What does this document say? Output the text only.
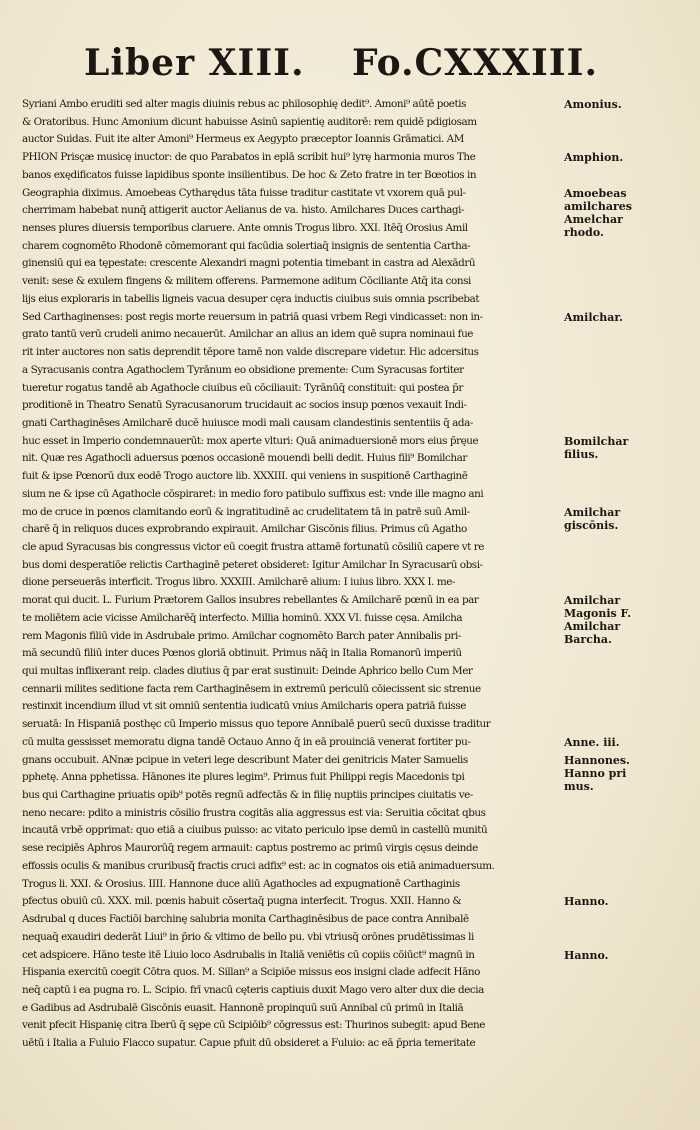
Liber XIII. Fo.CXXXIII.
Syriani Ambo eruditi sed alter magis diuinis rebus ac philosophię dedit⁹. Amoni⁹ aūtē poetis
& Oratoribus. Hunc Amonium dicunt habuisse Asinū sapientię auditorē: rem quidē pdigiosam
auctor Suidas. Fuit ite alter Amoni⁹ Hermeus ex Aegypto præceptor Ioannis Grāmatici. AM
PHION Prisçæ musicę inuctor: de quo Parabatos in eplā scribit hui⁹ lyrę harmonia muros The
banos exędificatos fuisse lapidibus sponte insilientibus. De hoc & Zeto fratre in ter Bœotios in
Geographia diximus. Amoebeas Cytharędus tāta fuisse traditur castitate vt vxorem quā pul-
cherrimam habebat nunq̄ attigerit auctor Aelianus de va. histo. Amilchares Duces carthagi-
nenses plures diuersis temporibus claruere. Ante omnis Trogus libro. XXI. Itēq̄ Orosius Amil
charem cognomēto Rhodonē cōmemorant qui facūdia solertiaq̄ insignis de sententia Cartha-
ginensiū qui ea tępestate: crescente Alexandri magni potentia timebant in castra ad Alexādrū
venit: sese & exulem fingens & militem offerens. Parmemone aditum Cōciliante Atq̄ ita consi
lijs eius exploraris in tabellis ligneis vacua desuper cęra inductis ciuibus suis omnia pscribebat
Sed Carthaginenses: post regis morte reuersum in patriā quasi vrbem Regi vindicasset: non in-
grato tantū verū crudeli animo necauerūt. Amilchar an alius an idem quē supra nominaui fue
rit inter auctores non satis deprendit tēpore tamē non valde discrepare videtur. Hic adcersitus
a Syracusanis contra Agathoclem Tyrānum eo obsidione premente: Cum Syracusas fortiter
tueretur rogatus tandē ab Agathocle ciuibus eū cōciliauit: Tyrānūq̄ constituit: qui postea p̄r
proditionē in Theatro Senatū Syracusanorum trucidauit ac socios insup pœnos vexauit Indi-
gnati Carthaginēses Amilcharē ducē huiusce modi mali causam clandestinis sententiis q̄ ada-
huc esset in Imperio condemnauerūt: mox aperte vlturi: Quā animaduersionē mors eius p̄ręue
nit. Quæ res Agathocli aduersus pœnos occasionē mouendi belli dedit. Huius fili⁹ Bomilchar
fuit & ipse Pœnorū dux eodē Trogo auctore lib. XXXIII. qui veniens in suspitionē Carthaginē
sium ne & ipse cū Agathocle cōspiraret: in medio foro patibulo suffixus est: vnde ille magno ani
mo de cruce in pœnos clamitando eorū & ingratitudinē ac crudelitatem tā in patrē suū Amil-
charē q̄ in reliquos duces exprobrando expirauit. Amilchar Giscōnis filius. Primus cū Agatho
cle apud Syracusas bis congressus victor eū coegit frustra attamē fortunatū cōsiliū capere vt re
bus domi desperatiōe relictis Carthaginē peteret obsideret: Igitur Amilchar In Syracusarū obsi-
dione perseuerās interficit. Trogus libro. XXXIII. Amilcharē alium: I iuius libro. XXX I. me-
morat qui ducit. L. Furium Prætorem Gallos insubres rebellantes & Amilcharē pœnū in ea par
te moliētem acie vicisse Amilcharēq̄ interfecto. Millia hominū. XXX VI. fuisse cęsa. Amilcha
rem Magonis filiū vide in Asdrubale primo. Amilchar cognomēto Barch pater Annibalis pri-
mā secundū filiū inter duces Pœnos gloriā obtinuit. Primus nāq̄ in Italia Romanorū imperiū
qui multas inflixerant reip. clades diutius q̄ par erat sustinuit: Deinde Aphrico bello Cum Mer
cennarii milites seditione facta rem Carthaginēsem in extremū periculū cōiecissent sic strenue
restinxit incendium illud vt sit omniū sententia iudicatū vnius Amilcharis opera patriā fuisse
seruatā: In Hispaniā posthęc cū Imperio missus quo tepore Annibalē puerū secū duxisse traditur
cū multa gessisset memoratu digna tandē Octauo Anno q̄ in eā prouinciā venerat fortiter pu-
gnans occubuit. ANnæ pcipue in veteri lege describunt Mater dei genitricis Mater Samuelis
pphetę. Anna pphetissa. Hānones ite plures legim⁹. Primus fuit Philippi regis Macedonis tpi
bus qui Carthagine priuatis opib⁹ potēs regnū adfectās & in filię nuptiis principes ciuitatis ve-
neno necare: pdito a ministris cōsilio frustra cogitās alia aggressus est via: Seruitia cōcitat qbus
incautā vrbē opprimat: quo etiā a ciuibus puisso: ac vitato periculo ipse demū in castellū munitū
sese recipiēs Aphros Maurorūq̄ regem armauit: captus postremo ac primū virgis cęsus deinde
effossis oculis & manibus cruribusq̄ fractis cruci adfix⁹ est: ac in cognatos ois etiā animaduersum.
Trogus li. XXI. & Orosius. IIII. Hannone duce aliū Agathocles ad expugnationē Carthaginis
pfectus obuiū cū. XXX. mil. pœnis habuit cōsertaq̄ pugna interfecit. Trogus. XXII. Hanno &
Asdrubal q duces Factiōi barchinę salubria monita Carthaginēsibus de pace contra Annibalē
nequaq̄ exaudiri dederāt Liui⁹ in p̄rio & vltimo de bello pu. vbi vtriusq̄ orōnes prudētissimas li
cet adspicere. Hāno teste itē Liuio loco Asdrubalis in Italiā veniētis cū copiis cōiūct⁹ magnū in
Hispania exercitū coegit Cōtra quos. M. Sillan⁹ a Scipiōe missus eos insigni clade adfecit Hāno
neq̄ captū i ea pugna ro. L. Scipio. frī vnacū cęteris captiuis duxit Mago vero alter dux die decia
e Gadibus ad Asdrubalē Giscōnis euasit. Hannonē propinquū suū Annibal cū primū in Italiā
venit pfecit Hispanię citra Iberū q̄ sępe cū Scipiōib⁹ cōgressus est: Thurinos subegit: apud Bene
uētū i Italia a Fuluio Flacco supatur. Capue pfuit dū obsideret a Fuluio: ac eā p̄pria temeritate
Amonius.
Amphion.
Amoebeas
amilchares
Amelchar
rhodo.
Amilchar.
Bomilchar
filius.
Amilchar
giscōnis.
Amilchar
Magonis F.
Amilchar
Barcha.
Anne. iii.
Hannones.
Hanno pri
mus.
Hanno.
Hanno.
